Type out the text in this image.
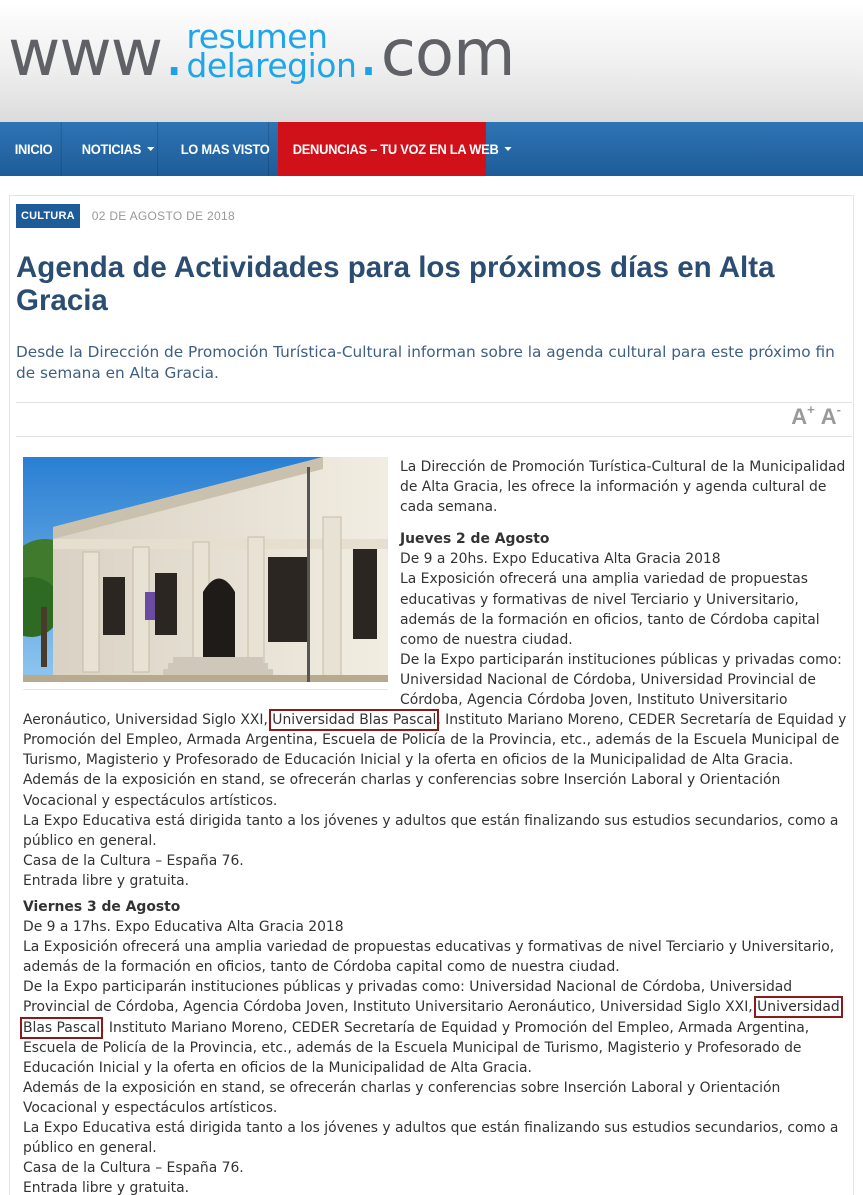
www . resumen
delaregion . com
INICIO NOTICIAS	LO MAS VISTO DENUNCIAS – TU VOZ EN LA WEB
CULTURA	02 DE AGOSTO DE 2018
Agenda de Actividades para los próximos días en Alta Gracia

Desde la Dirección de Promoción Turística-Cultural informan sobre la agenda cultural para este próximo fin de semana en Alta Gracia.

A+ A-

La Dirección de Promoción Turística-Cultural de la Municipalidad de Alta Gracia, les ofrece la información y agenda cultural de cada semana.

Jueves 2 de Agosto

De 9 a 20hs. Expo Educativa Alta Gracia 2018

La Exposición ofrecerá una amplia variedad de propuestas educativas y formativas de nivel Terciario y Universitario, además de la formación en oficios, tanto de Córdoba capital como de nuestra ciudad.

De la Expo participarán instituciones públicas y privadas como: Universidad Nacional de Córdoba, Universidad Provincial de Córdoba, Agencia Córdoba Joven, Instituto Universitario Aeronáutico, Universidad Siglo XXI, Universidad Blas Pascal, Instituto Mariano Moreno, CEDER Secretaría de Equidad y Promoción del Empleo, Armada Argentina, Escuela de Policía de la Provincia, etc., además de la Escuela Municipal de Turismo, Magisterio y Profesorado de Educación Inicial y la oferta en oficios de la Municipalidad de Alta Gracia.

Además de la exposición en stand, se ofrecerán charlas y conferencias sobre Inserción Laboral y Orientación Vocacional y espectáculos artísticos.

La Expo Educativa está dirigida tanto a los jóvenes y adultos que están finalizando sus estudios secundarios, como a público en general.

Casa de la Cultura – España 76.

Entrada libre y gratuita.

Viernes 3 de Agosto

De 9 a 17hs. Expo Educativa Alta Gracia 2018

La Exposición ofrecerá una amplia variedad de propuestas educativas y formativas de nivel Terciario y Universitario, además de la formación en oficios, tanto de Córdoba capital como de nuestra ciudad.

De la Expo participarán instituciones públicas y privadas como: Universidad Nacional de Córdoba, Universidad Provincial de Córdoba, Agencia Córdoba Joven, Instituto Universitario Aeronáutico, Universidad Siglo XXI, Universidad Blas Pascal, Instituto Mariano Moreno, CEDER Secretaría de Equidad y Promoción del Empleo, Armada Argentina, Escuela de Policía de la Provincia, etc., además de la Escuela Municipal de Turismo, Magisterio y Profesorado de Educación Inicial y la oferta en oficios de la Municipalidad de Alta Gracia.

Además de la exposición en stand, se ofrecerán charlas y conferencias sobre Inserción Laboral y Orientación Vocacional y espectáculos artísticos.

La Expo Educativa está dirigida tanto a los jóvenes y adultos que están finalizando sus estudios secundarios, como a público en general.

Casa de la Cultura – España 76.

Entrada libre y gratuita.
